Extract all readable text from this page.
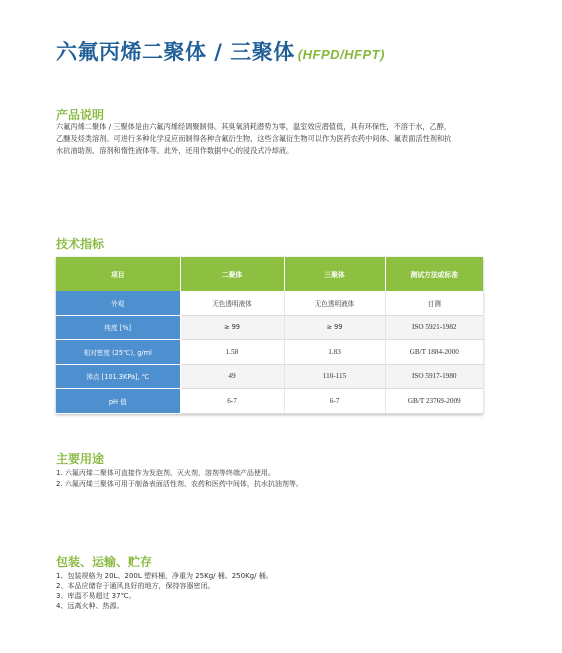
六氟丙烯二聚体 / 三聚体 (HFPD/HFPT)
产品说明
六氟丙烯二聚体 / 三聚体是由六氟丙烯经调聚制得。其臭氧消耗潜势为零，温室效应潜值低，具有环保性，不溶于水，乙醇，
乙醚及烃类溶剂。可进行多种化学反应而制得各种含氟衍生物，这些含氟衍生物可以作为医药农药中间体、氟表面活性剂和抗
水抗油助剂、溶剂和惰性液体等。此外，还用作数据中心的浸没式冷却液。
技术指标
项目	二聚体	三聚体	测试方法或标准
外观	无色透明液体	无色透明液体	目测
纯度 [%]	≥ 99	≥ 99	ISO 5921-1982
相对密度 (25℃), g/ml	1.58	1.83	GB/T 1884-2000
沸点 [101.3KPa], ℃	49	110-115	ISO 5917-1980
pH 值	6-7	6-7	GB/T 23769-2009
主要用途
1. 六氟丙烯二聚体可直接作为发泡剂、灭火剂，溶剂等终端产品使用。
2. 六氟丙烯三聚体可用于制备表面活性剂、农药和医药中间体，抗水抗油剂等。
包装、运输、贮存
1、包装规格为 20L、200L 塑料桶，净重为 25Kg/ 桶、250Kg/ 桶。
2、本品应储存于通风良好的地方，保持容器密闭。
3、库温不易超过 37℃。
4、远离火种、热源。
